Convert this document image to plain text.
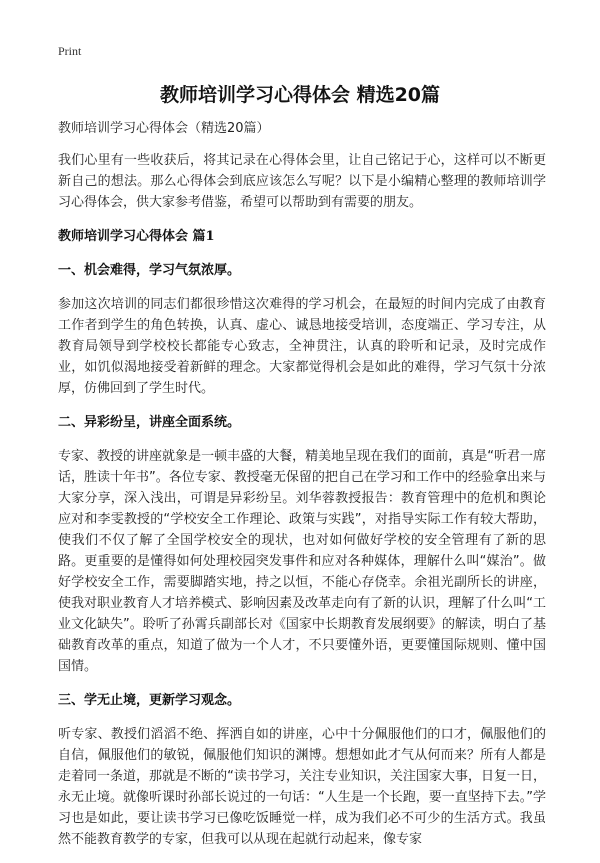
Print
教师培训学习心得体会 精选20篇

教师培训学习心得体会（精选20篇）

我们心里有一些收获后，将其记录在心得体会里，让自己铭记于心，这样可以不断更新自己的想法。那么心得体会到底应该怎么写呢？以下是小编精心整理的教师培训学习心得体会，供大家参考借鉴，希望可以帮助到有需要的朋友。

教师培训学习心得体会 篇1

一、机会难得，学习气氛浓厚。

参加这次培训的同志们都很珍惜这次难得的学习机会，在最短的时间内完成了由教育工作者到学生的角色转换，认真、虚心、诚恳地接受培训，态度端正、学习专注，从教育局领导到学校校长都能专心致志，全神贯注，认真的聆听和记录，及时完成作业，如饥似渴地接受着新鲜的理念。大家都觉得机会是如此的难得，学习气氛十分浓厚，仿佛回到了学生时代。

二、异彩纷呈，讲座全面系统。

专家、教授的讲座就象是一顿丰盛的大餐，精美地呈现在我们的面前，真是“听君一席话，胜读十年书”。各位专家、教授毫无保留的把自己在学习和工作中的经验拿出来与大家分享，深入浅出，可谓是异彩纷呈。刘华蓉教授报告：教育管理中的危机和舆论应对和李雯教授的“学校安全工作理论、政策与实践”，对指导实际工作有较大帮助，使我们不仅了解了全国学校安全的现状，也对如何做好学校的安全管理有了新的思路。更重要的是懂得如何处理校园突发事件和应对各种媒体，理解什么叫“媒治”。做好学校安全工作，需要脚踏实地，持之以恒，不能心存侥幸。余祖光副所长的讲座，使我对职业教育人才培养模式、影响因素及改革走向有了新的认识，理解了什么叫“工业文化缺失”。聆听了孙霄兵副部长对《国家中长期教育发展纲要》的解读，明白了基础教育改革的重点，知道了做为一个人才，不只要懂外语，更要懂国际规则、懂中国国情。

三、学无止境，更新学习观念。

听专家、教授们滔滔不绝、挥洒自如的讲座，心中十分佩服他们的口才，佩服他们的自信，佩服他们的敏锐，佩服他们知识的渊博。想想如此才气从何而来？所有人都是走着同一条道，那就是不断的“读书学习，关注专业知识，关注国家大事，日复一日，永无止境。就像听课时孙部长说过的一句话：“人生是一个长跑，要一直坚持下去。”学习也是如此，要让读书学习已像吃饭睡觉一样，成为我们必不可少的生活方式。我虽然不能教育教学的专家，但我可以从现在起就行动起来，像专家
